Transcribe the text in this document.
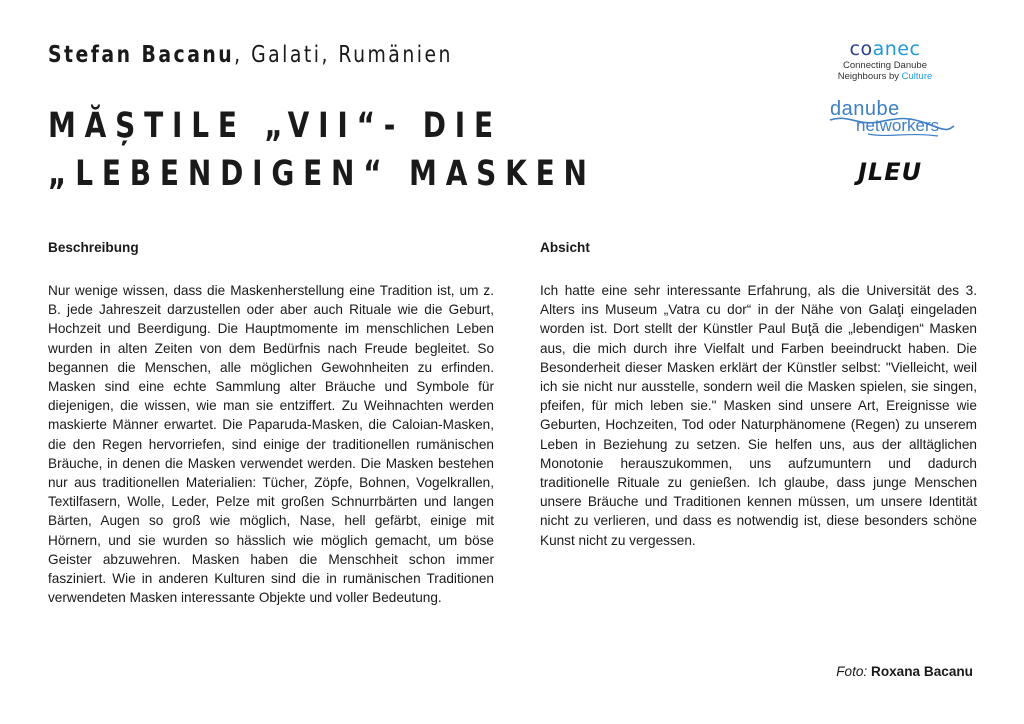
Stefan Bacanu, Galati, Rumänien
MĂȘTILE „VII“- DIE „LEBENDIGEN“ MASKEN
coanec
Connecting Danube
Neighbours by Culture
danube
networkers
JLEU
Beschreibung

Nur wenige wissen, dass die Maskenherstellung eine Tradition ist, um z. B. jede Jahreszeit darzustellen oder aber auch Rituale wie die Geburt, Hochzeit und Beerdigung. Die Hauptmomente im menschlichen Leben wurden in alten Zeiten von dem Bedürfnis nach Freude begleitet. So begannen die Menschen, alle möglichen Gewohnheiten zu erfinden. Masken sind eine echte Sammlung alter Bräuche und Symbole für diejenigen, die wissen, wie man sie entziffert. Zu Weihnachten werden maskierte Männer erwartet. Die Paparuda-Masken, die Caloian-Masken, die den Regen hervorriefen, sind einige der traditionellen rumänischen Bräuche, in denen die Masken verwendet werden. Die Masken bestehen nur aus traditionellen Materialien: Tücher, Zöpfe, Bohnen, Vogelkrallen, Textilfasern, Wolle, Leder, Pelze mit großen Schnurrbärten und langen Bärten, Augen so groß wie möglich, Nase, hell gefärbt, einige mit Hörnern, und sie wurden so hässlich wie möglich gemacht, um böse Geister abzuwehren. Masken haben die Menschheit schon immer fasziniert. Wie in anderen Kulturen sind die in rumänischen Traditionen verwendeten Masken interessante Objekte und voller Bedeutung.

Absicht

Ich hatte eine sehr interessante Erfahrung, als die Universität des 3. Alters ins Museum „Vatra cu dor“ in der Nähe von Galaţi eingeladen worden ist. Dort stellt der Künstler Paul Buţă die „lebendigen“ Masken aus, die mich durch ihre Vielfalt und Farben beeindruckt haben. Die Besonderheit dieser Masken erklärt der Künstler selbst: "Vielleicht, weil ich sie nicht nur ausstelle, sondern weil die Masken spielen, sie singen, pfeifen, für mich leben sie." Masken sind unsere Art, Ereignisse wie Geburten, Hochzeiten, Tod oder Naturphänomene (Regen) zu unserem Leben in Beziehung zu setzen. Sie helfen uns, aus der alltäglichen Monotonie herauszukommen, uns aufzumuntern und dadurch traditionelle Rituale zu genießen. Ich glaube, dass junge Menschen unsere Bräuche und Traditionen kennen müssen, um unsere Identität nicht zu verlieren, und dass es notwendig ist, diese besonders schöne Kunst nicht zu vergessen.

Foto: Roxana Bacanu
